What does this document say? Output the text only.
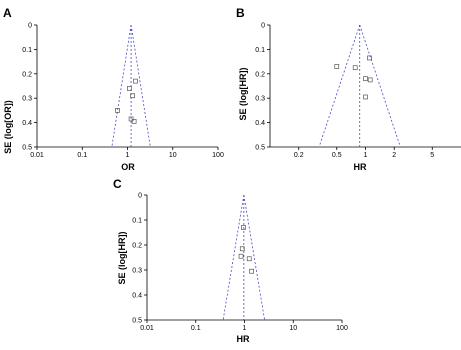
A
0
0.1
0.2
0.3
0.4
0.5
0.01	0.1	1	10	100
OR
SE (log[OR])
B
0
0.1
0.2
0.3
0.4
0.5
0.2	0.5	1	2	5
HR
SE (log[HR])
C
0
0.1
0.2
0.3
0.4
0.5
0.01	0.1	1	10	100
HR
SE (log[HR])
